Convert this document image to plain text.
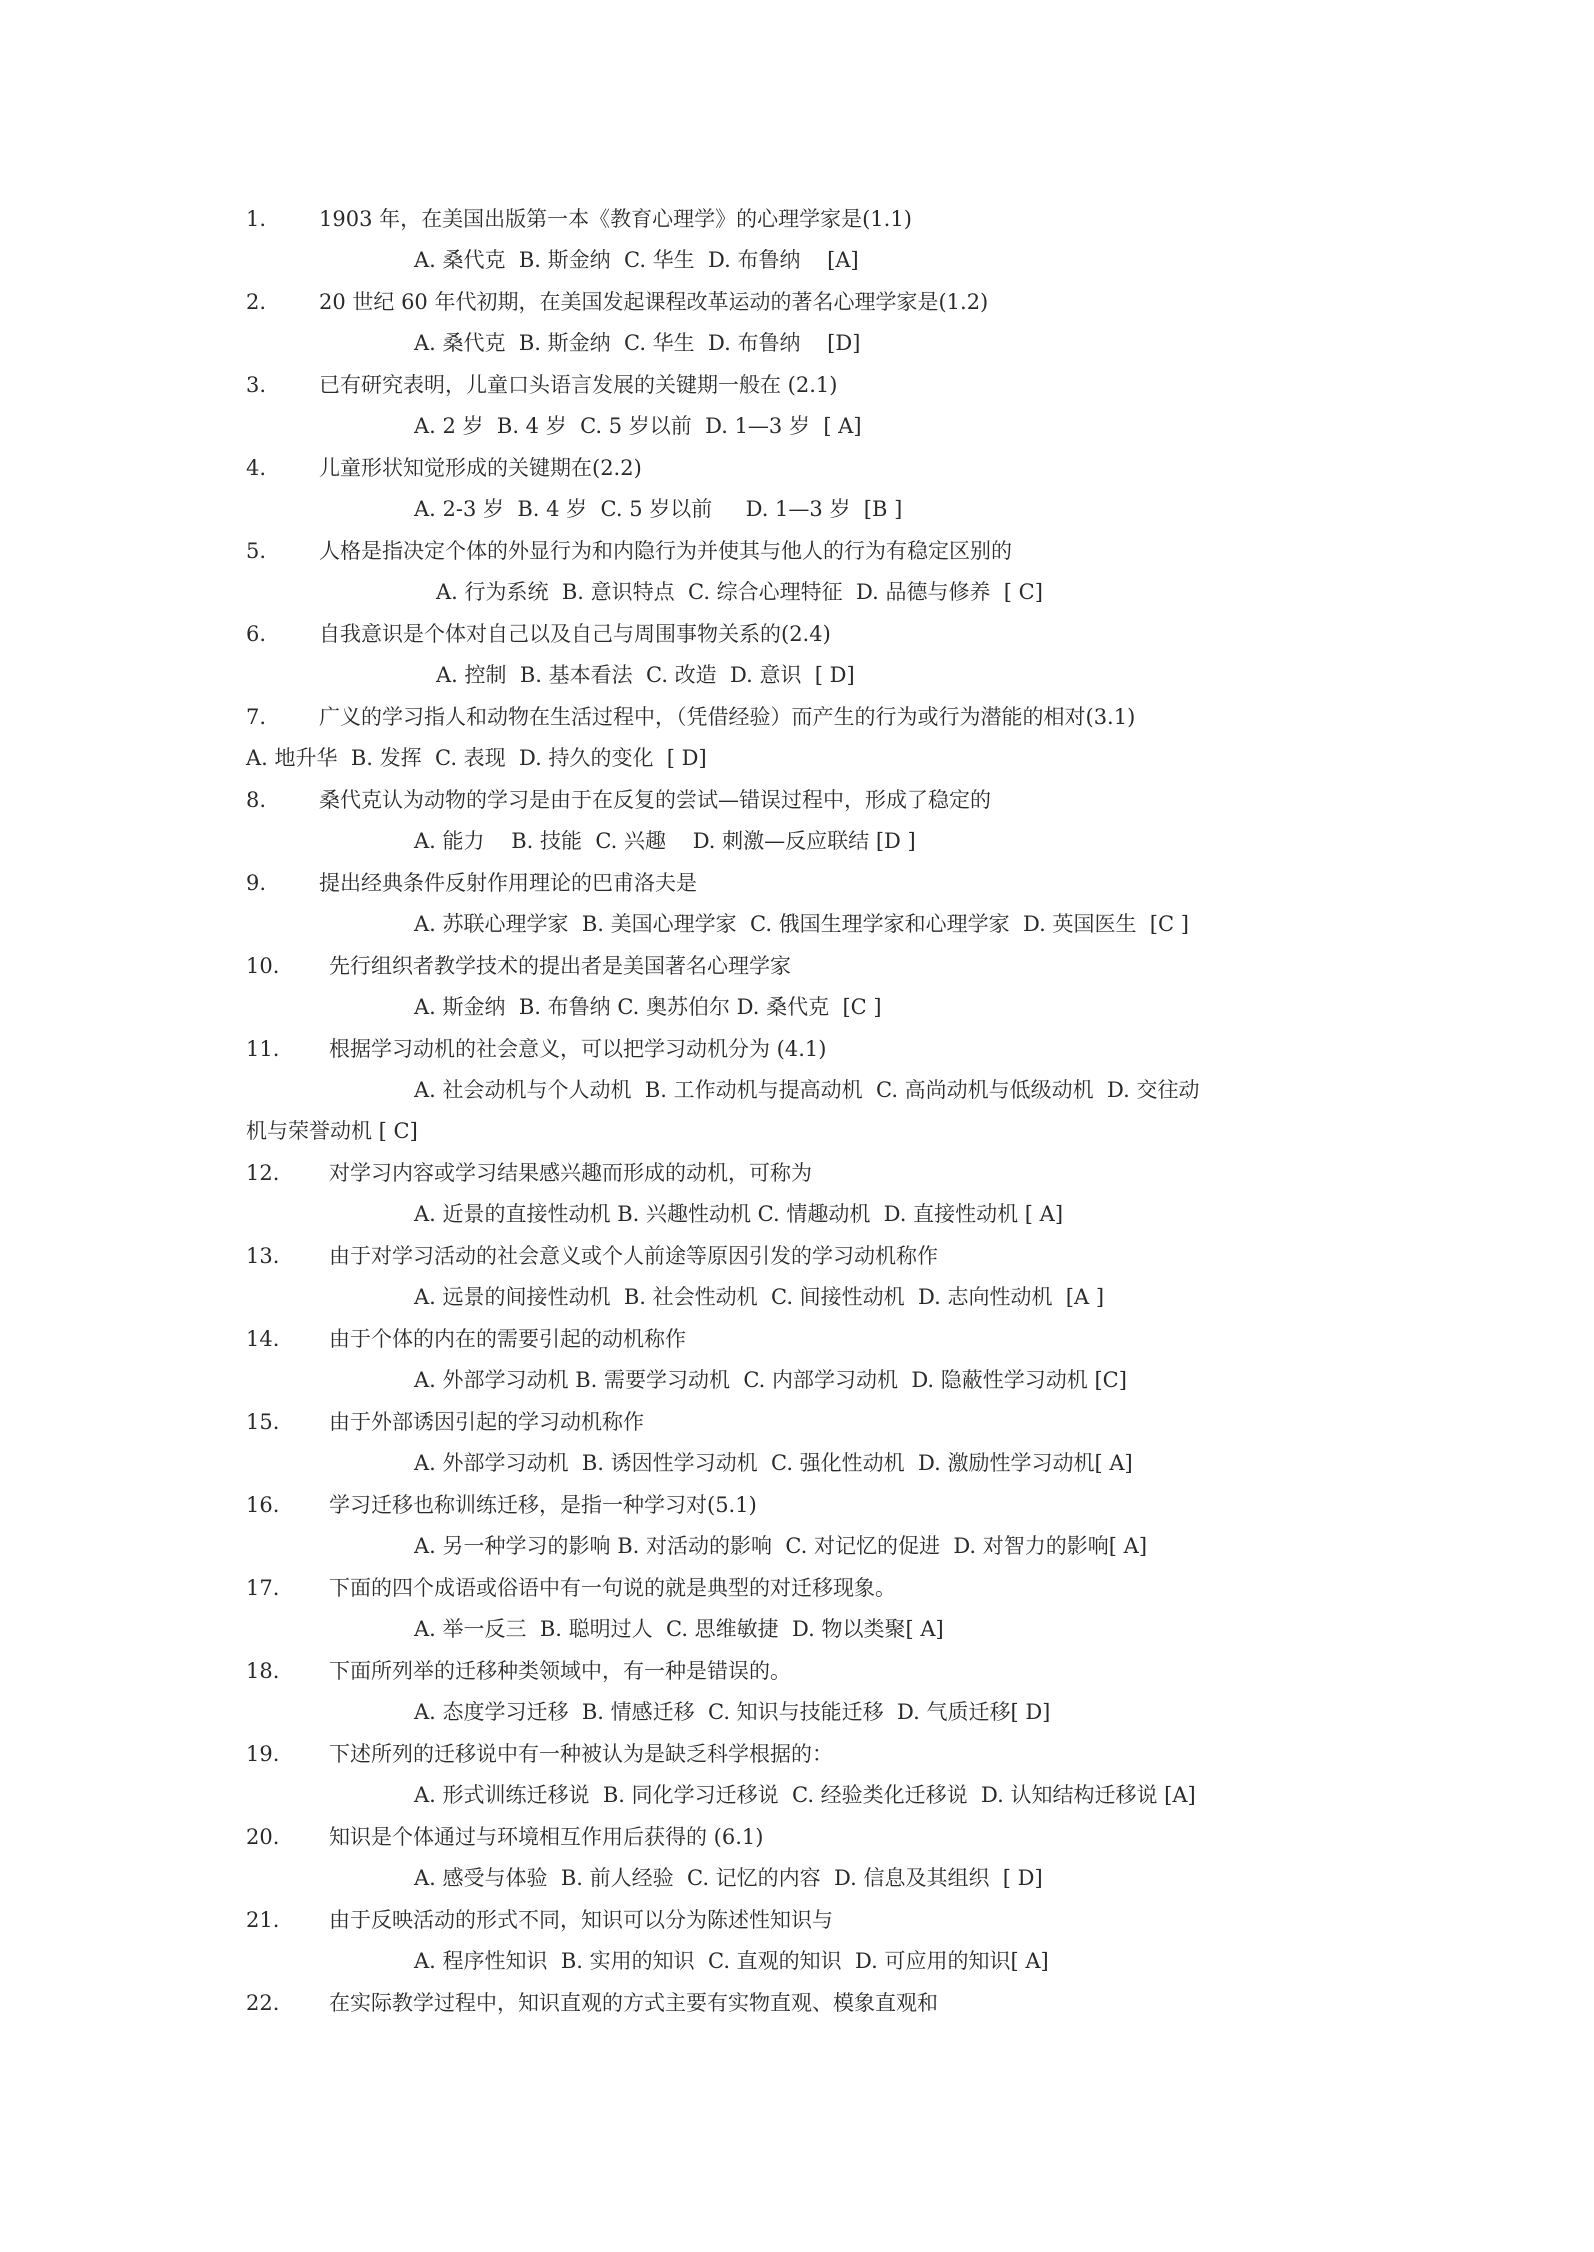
1.	1903 年，在美国出版第一本《教育心理学》的心理学家是(1.1)
A. 桑代克  B. 斯金纳  C. 华生  D. 布鲁纳    [A]
2.	20 世纪 60 年代初期，在美国发起课程改革运动的著名心理学家是(1.2)
A. 桑代克  B. 斯金纳  C. 华生  D. 布鲁纳    [D]
3.	已有研究表明，儿童口头语言发展的关键期一般在 (2.1)
A. 2 岁  B. 4 岁  C. 5 岁以前  D. 1—3 岁  [ A]
4.	儿童形状知觉形成的关键期在(2.2)
A. 2-3 岁  B. 4 岁  C. 5 岁以前     D. 1—3 岁  [B ]
5.	人格是指决定个体的外显行为和内隐行为并使其与他人的行为有稳定区别的
A. 行为系统  B. 意识特点  C. 综合心理特征  D. 品德与修养  [ C]
6.	自我意识是个体对自己以及自己与周围事物关系的(2.4)
A. 控制  B. 基本看法  C. 改造  D. 意识  [ D]
7.	广义的学习指人和动物在生活过程中，（凭借经验）而产生的行为或行为潜能的相对(3.1)
A. 地升华  B. 发挥  C. 表现  D. 持久的变化  [ D]
8.	桑代克认为动物的学习是由于在反复的尝试—错误过程中，形成了稳定的
A. 能力    B. 技能  C. 兴趣    D. 刺激—反应联结 [D ]
9.	提出经典条件反射作用理论的巴甫洛夫是
A. 苏联心理学家  B. 美国心理学家  C. 俄国生理学家和心理学家  D. 英国医生  [C ]
10. 先行组织者教学技术的提出者是美国著名心理学家
A. 斯金纳  B. 布鲁纳 C. 奥苏伯尔 D. 桑代克  [C ]
11. 根据学习动机的社会意义，可以把学习动机分为 (4.1)
A. 社会动机与个人动机  B. 工作动机与提高动机  C. 高尚动机与低级动机  D. 交往动
机与荣誉动机 [ C]
12. 对学习内容或学习结果感兴趣而形成的动机，可称为
A. 近景的直接性动机 B. 兴趣性动机 C. 情趣动机  D. 直接性动机 [ A]
13. 由于对学习活动的社会意义或个人前途等原因引发的学习动机称作
A. 远景的间接性动机  B. 社会性动机  C. 间接性动机  D. 志向性动机  [A ]
14. 由于个体的内在的需要引起的动机称作
A. 外部学习动机 B. 需要学习动机  C. 内部学习动机  D. 隐蔽性学习动机 [C]
15. 由于外部诱因引起的学习动机称作
A. 外部学习动机  B. 诱因性学习动机  C. 强化性动机  D. 激励性学习动机[ A]
16. 学习迁移也称训练迁移，是指一种学习对(5.1)
A. 另一种学习的影响 B. 对活动的影响  C. 对记忆的促进  D. 对智力的影响[ A]
17. 下面的四个成语或俗语中有一句说的就是典型的对迁移现象。
A. 举一反三  B. 聪明过人  C. 思维敏捷  D. 物以类聚[ A]
18. 下面所列举的迁移种类领域中，有一种是错误的。
A. 态度学习迁移  B. 情感迁移  C. 知识与技能迁移  D. 气质迁移[ D]
19. 下述所列的迁移说中有一种被认为是缺乏科学根据的：
A. 形式训练迁移说  B. 同化学习迁移说  C. 经验类化迁移说  D. 认知结构迁移说 [A]
20. 知识是个体通过与环境相互作用后获得的 (6.1)
A. 感受与体验  B. 前人经验  C. 记忆的内容  D. 信息及其组织  [ D]
21. 由于反映活动的形式不同，知识可以分为陈述性知识与
A. 程序性知识  B. 实用的知识  C. 直观的知识  D. 可应用的知识[ A]
22. 在实际教学过程中，知识直观的方式主要有实物直观、模象直观和
